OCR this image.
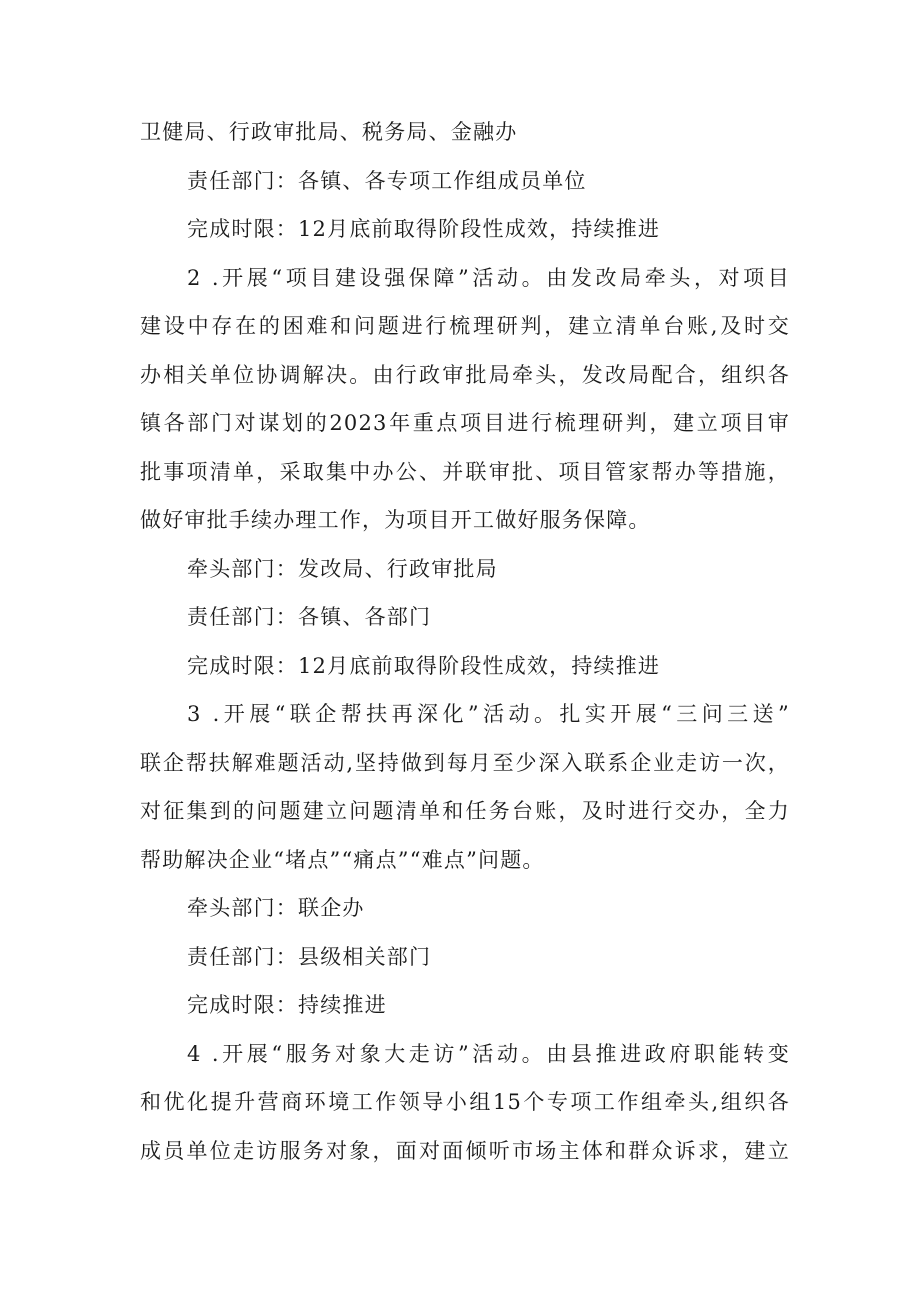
卫健局、行政审批局、税务局、金融办
责任部门：各镇、各专项工作组成员单位
完成时限：12月底前取得阶段性成效，持续推进
2 .开展“项目建设强保障”活动。由发改局牵头，对项目
建设中存在的困难和问题进行梳理研判，建立清单台账,及时交
办相关单位协调解决。由行政审批局牵头，发改局配合，组织各
镇各部门对谋划的2023年重点项目进行梳理研判，建立项目审
批事项清单，采取集中办公、并联审批、项目管家帮办等措施，
做好审批手续办理工作，为项目开工做好服务保障。
牵头部门：发改局、行政审批局
责任部门：各镇、各部门
完成时限：12月底前取得阶段性成效，持续推进
3 .开展“联企帮扶再深化”活动。扎实开展“三问三送”
联企帮扶解难题活动,坚持做到每月至少深入联系企业走访一次，
对征集到的问题建立问题清单和任务台账，及时进行交办，全力
帮助解决企业“堵点”“痛点”“难点”问题。
牵头部门：联企办
责任部门：县级相关部门
完成时限：持续推进
4 .开展“服务对象大走访”活动。由县推进政府职能转变
和优化提升营商环境工作领导小组15个专项工作组牵头,组织各
成员单位走访服务对象，面对面倾听市场主体和群众诉求，建立
